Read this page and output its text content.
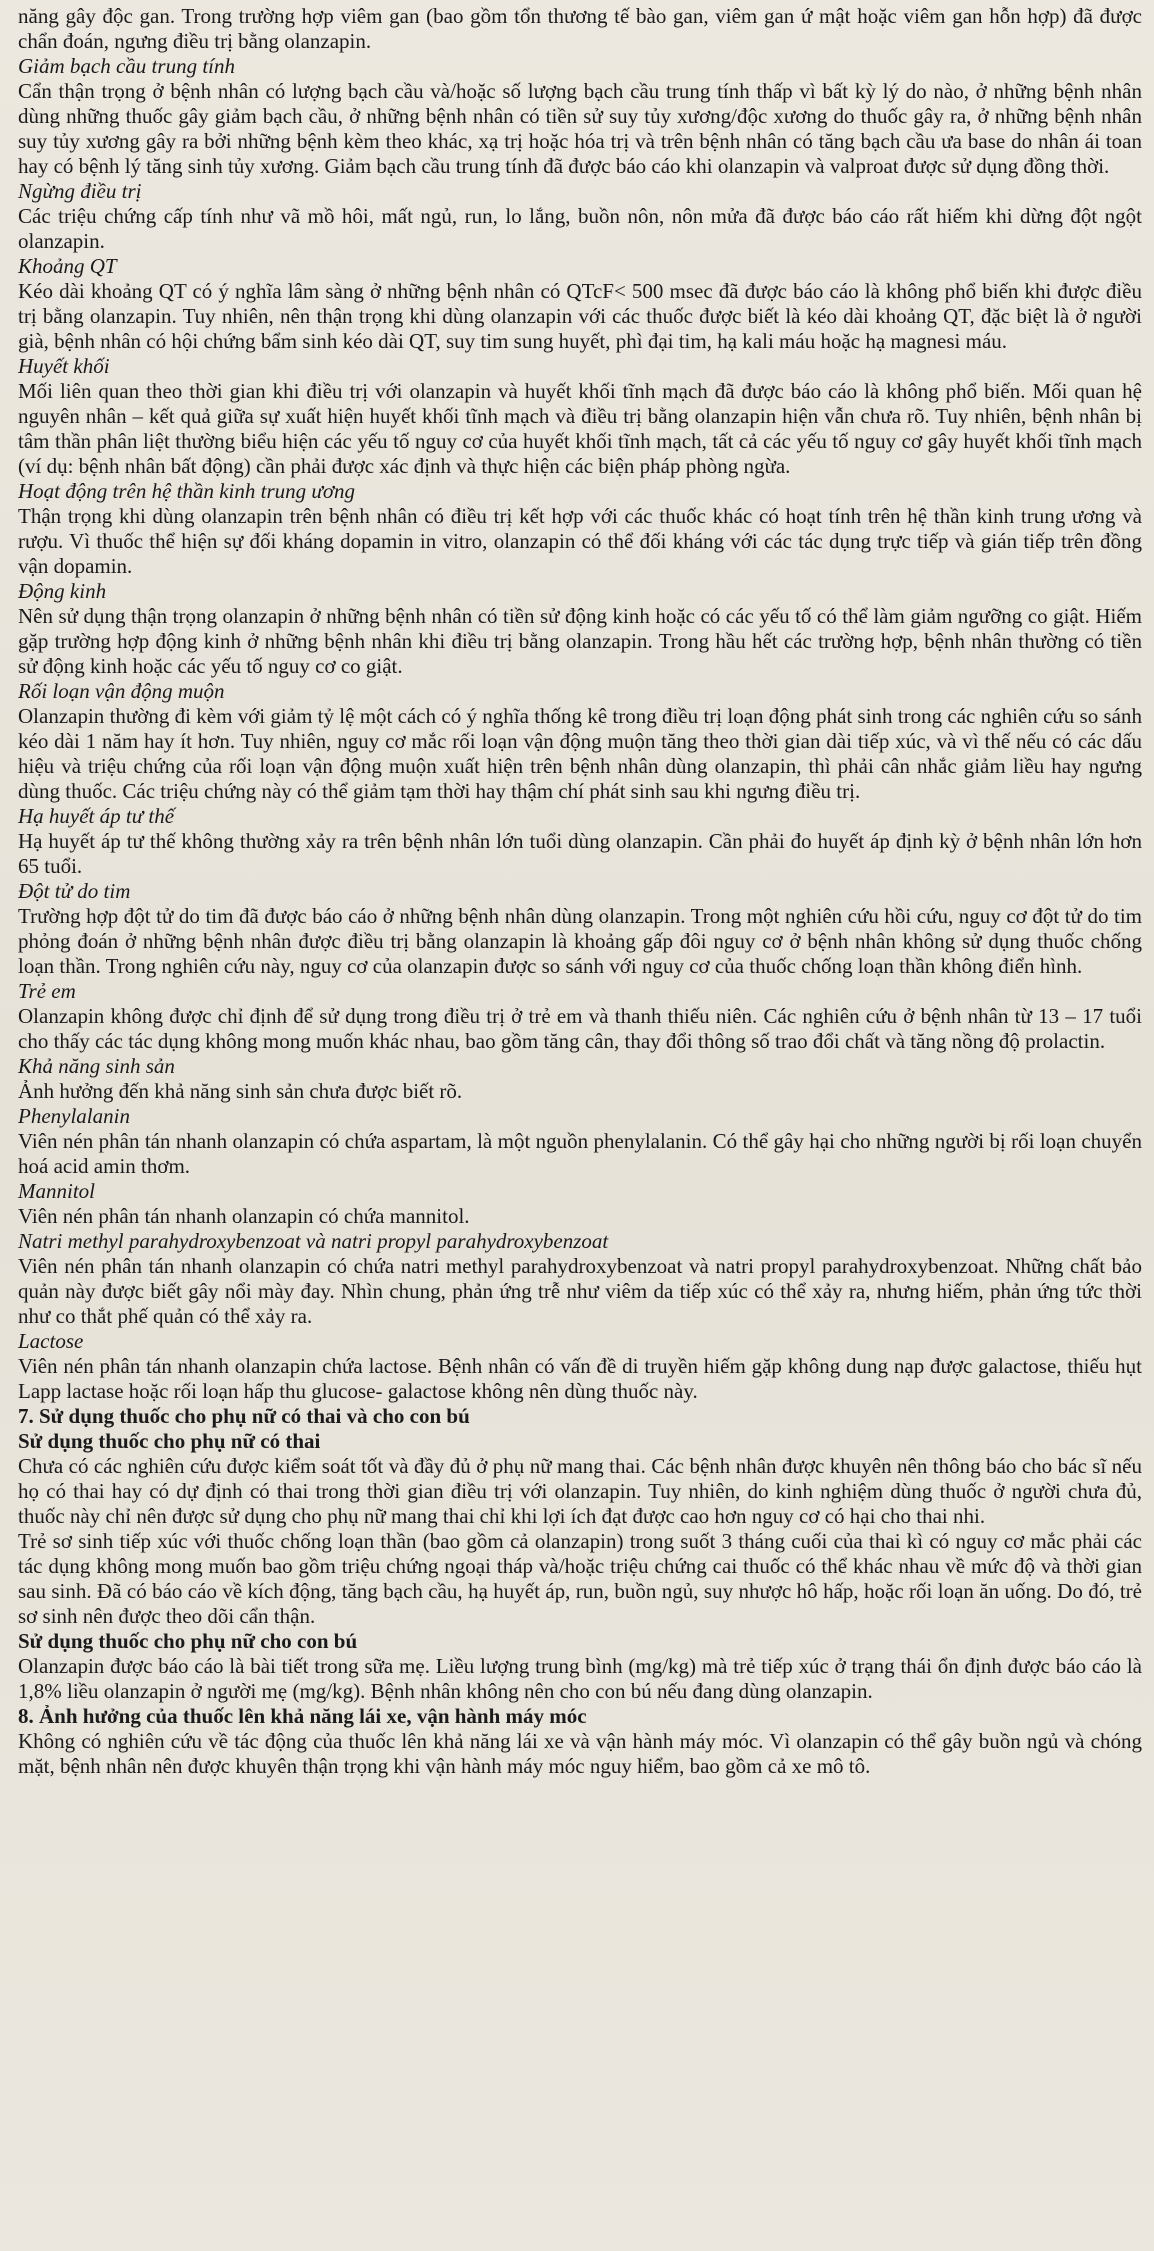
năng gây độc gan. Trong trường hợp viêm gan (bao gồm tổn thương tế bào gan, viêm gan ứ mật hoặc viêm gan hỗn hợp) đã được chẩn đoán, ngưng điều trị bằng olanzapin.

Giảm bạch cầu trung tính

Cẩn thận trọng ở bệnh nhân có lượng bạch cầu và/hoặc số lượng bạch cầu trung tính thấp vì bất kỳ lý do nào, ở những bệnh nhân dùng những thuốc gây giảm bạch cầu, ở những bệnh nhân có tiền sử suy tủy xương/độc xương do thuốc gây ra, ở những bệnh nhân suy tủy xương gây ra bởi những bệnh kèm theo khác, xạ trị hoặc hóa trị và trên bệnh nhân có tăng bạch cầu ưa base do nhân ái toan hay có bệnh lý tăng sinh tủy xương. Giảm bạch cầu trung tính đã được báo cáo khi olanzapin và valproat được sử dụng đồng thời.

Ngừng điều trị

Các triệu chứng cấp tính như vã mồ hôi, mất ngủ, run, lo lắng, buồn nôn, nôn mửa đã được báo cáo rất hiếm khi dừng đột ngột olanzapin.

Khoảng QT

Kéo dài khoảng QT có ý nghĩa lâm sàng ở những bệnh nhân có QTcF< 500 msec đã được báo cáo là không phổ biến khi được điều trị bằng olanzapin. Tuy nhiên, nên thận trọng khi dùng olanzapin với các thuốc được biết là kéo dài khoảng QT, đặc biệt là ở người già, bệnh nhân có hội chứng bẩm sinh kéo dài QT, suy tim sung huyết, phì đại tim, hạ kali máu hoặc hạ magnesi máu.

Huyết khối

Mối liên quan theo thời gian khi điều trị với olanzapin và huyết khối tĩnh mạch đã được báo cáo là không phổ biến. Mối quan hệ nguyên nhân – kết quả giữa sự xuất hiện huyết khối tĩnh mạch và điều trị bằng olanzapin hiện vẫn chưa rõ. Tuy nhiên, bệnh nhân bị tâm thần phân liệt thường biểu hiện các yếu tố nguy cơ của huyết khối tĩnh mạch, tất cả các yếu tố nguy cơ gây huyết khối tĩnh mạch (ví dụ: bệnh nhân bất động) cần phải được xác định và thực hiện các biện pháp phòng ngừa.

Hoạt động trên hệ thần kinh trung ương

Thận trọng khi dùng olanzapin trên bệnh nhân có điều trị kết hợp với các thuốc khác có hoạt tính trên hệ thần kinh trung ương và rượu. Vì thuốc thể hiện sự đối kháng dopamin in vitro, olanzapin có thể đối kháng với các tác dụng trực tiếp và gián tiếp trên đồng vận dopamin.

Động kinh

Nên sử dụng thận trọng olanzapin ở những bệnh nhân có tiền sử động kinh hoặc có các yếu tố có thể làm giảm ngưỡng co giật. Hiếm gặp trường hợp động kinh ở những bệnh nhân khi điều trị bằng olanzapin. Trong hầu hết các trường hợp, bệnh nhân thường có tiền sử động kinh hoặc các yếu tố nguy cơ co giật.

Rối loạn vận động muộn

Olanzapin thường đi kèm với giảm tỷ lệ một cách có ý nghĩa thống kê trong điều trị loạn động phát sinh trong các nghiên cứu so sánh kéo dài 1 năm hay ít hơn. Tuy nhiên, nguy cơ mắc rối loạn vận động muộn tăng theo thời gian dài tiếp xúc, và vì thế nếu có các dấu hiệu và triệu chứng của rối loạn vận động muộn xuất hiện trên bệnh nhân dùng olanzapin, thì phải cân nhắc giảm liều hay ngưng dùng thuốc. Các triệu chứng này có thể giảm tạm thời hay thậm chí phát sinh sau khi ngưng điều trị.

Hạ huyết áp tư thế

Hạ huyết áp tư thế không thường xảy ra trên bệnh nhân lớn tuổi dùng olanzapin. Cần phải đo huyết áp định kỳ ở bệnh nhân lớn hơn 65 tuổi.

Đột tử do tim

Trường hợp đột tử do tim đã được báo cáo ở những bệnh nhân dùng olanzapin. Trong một nghiên cứu hồi cứu, nguy cơ đột tử do tim phỏng đoán ở những bệnh nhân được điều trị bằng olanzapin là khoảng gấp đôi nguy cơ ở bệnh nhân không sử dụng thuốc chống loạn thần. Trong nghiên cứu này, nguy cơ của olanzapin được so sánh với nguy cơ của thuốc chống loạn thần không điển hình.

Trẻ em

Olanzapin không được chỉ định để sử dụng trong điều trị ở trẻ em và thanh thiếu niên. Các nghiên cứu ở bệnh nhân từ 13 – 17 tuổi cho thấy các tác dụng không mong muốn khác nhau, bao gồm tăng cân, thay đổi thông số trao đổi chất và tăng nồng độ prolactin.

Khả năng sinh sản

Ảnh hưởng đến khả năng sinh sản chưa được biết rõ.

Phenylalanin

Viên nén phân tán nhanh olanzapin có chứa aspartam, là một nguồn phenylalanin. Có thể gây hại cho những người bị rối loạn chuyển hoá acid amin thơm.

Mannitol

Viên nén phân tán nhanh olanzapin có chứa mannitol.

Natri methyl parahydroxybenzoat và natri propyl parahydroxybenzoat

Viên nén phân tán nhanh olanzapin có chứa natri methyl parahydroxybenzoat và natri propyl parahydroxybenzoat. Những chất bảo quản này được biết gây nổi mày đay. Nhìn chung, phản ứng trễ như viêm da tiếp xúc có thể xảy ra, nhưng hiếm, phản ứng tức thời như co thắt phế quản có thể xảy ra.

Lactose

Viên nén phân tán nhanh olanzapin chứa lactose. Bệnh nhân có vấn đề di truyền hiếm gặp không dung nạp được galactose, thiếu hụt Lapp lactase hoặc rối loạn hấp thu glucose- galactose không nên dùng thuốc này.

7. Sử dụng thuốc cho phụ nữ có thai và cho con bú

Sử dụng thuốc cho phụ nữ có thai

Chưa có các nghiên cứu được kiểm soát tốt và đầy đủ ở phụ nữ mang thai. Các bệnh nhân được khuyên nên thông báo cho bác sĩ nếu họ có thai hay có dự định có thai trong thời gian điều trị với olanzapin. Tuy nhiên, do kinh nghiệm dùng thuốc ở người chưa đủ, thuốc này chỉ nên được sử dụng cho phụ nữ mang thai chỉ khi lợi ích đạt được cao hơn nguy cơ có hại cho thai nhi.

Trẻ sơ sinh tiếp xúc với thuốc chống loạn thần (bao gồm cả olanzapin) trong suốt 3 tháng cuối của thai kì có nguy cơ mắc phải các tác dụng không mong muốn bao gồm triệu chứng ngoại tháp và/hoặc triệu chứng cai thuốc có thể khác nhau về mức độ và thời gian sau sinh. Đã có báo cáo về kích động, tăng bạch cầu, hạ huyết áp, run, buồn ngủ, suy nhược hô hấp, hoặc rối loạn ăn uống. Do đó, trẻ sơ sinh nên được theo dõi cẩn thận.

Sử dụng thuốc cho phụ nữ cho con bú

Olanzapin được báo cáo là bài tiết trong sữa mẹ. Liều lượng trung bình (mg/kg) mà trẻ tiếp xúc ở trạng thái ổn định được báo cáo là 1,8% liều olanzapin ở người mẹ (mg/kg). Bệnh nhân không nên cho con bú nếu đang dùng olanzapin.

8. Ảnh hưởng của thuốc lên khả năng lái xe, vận hành máy móc

Không có nghiên cứu về tác động của thuốc lên khả năng lái xe và vận hành máy móc. Vì olanzapin có thể gây buồn ngủ và chóng mặt, bệnh nhân nên được khuyên thận trọng khi vận hành máy móc nguy hiểm, bao gồm cả xe mô tô.
